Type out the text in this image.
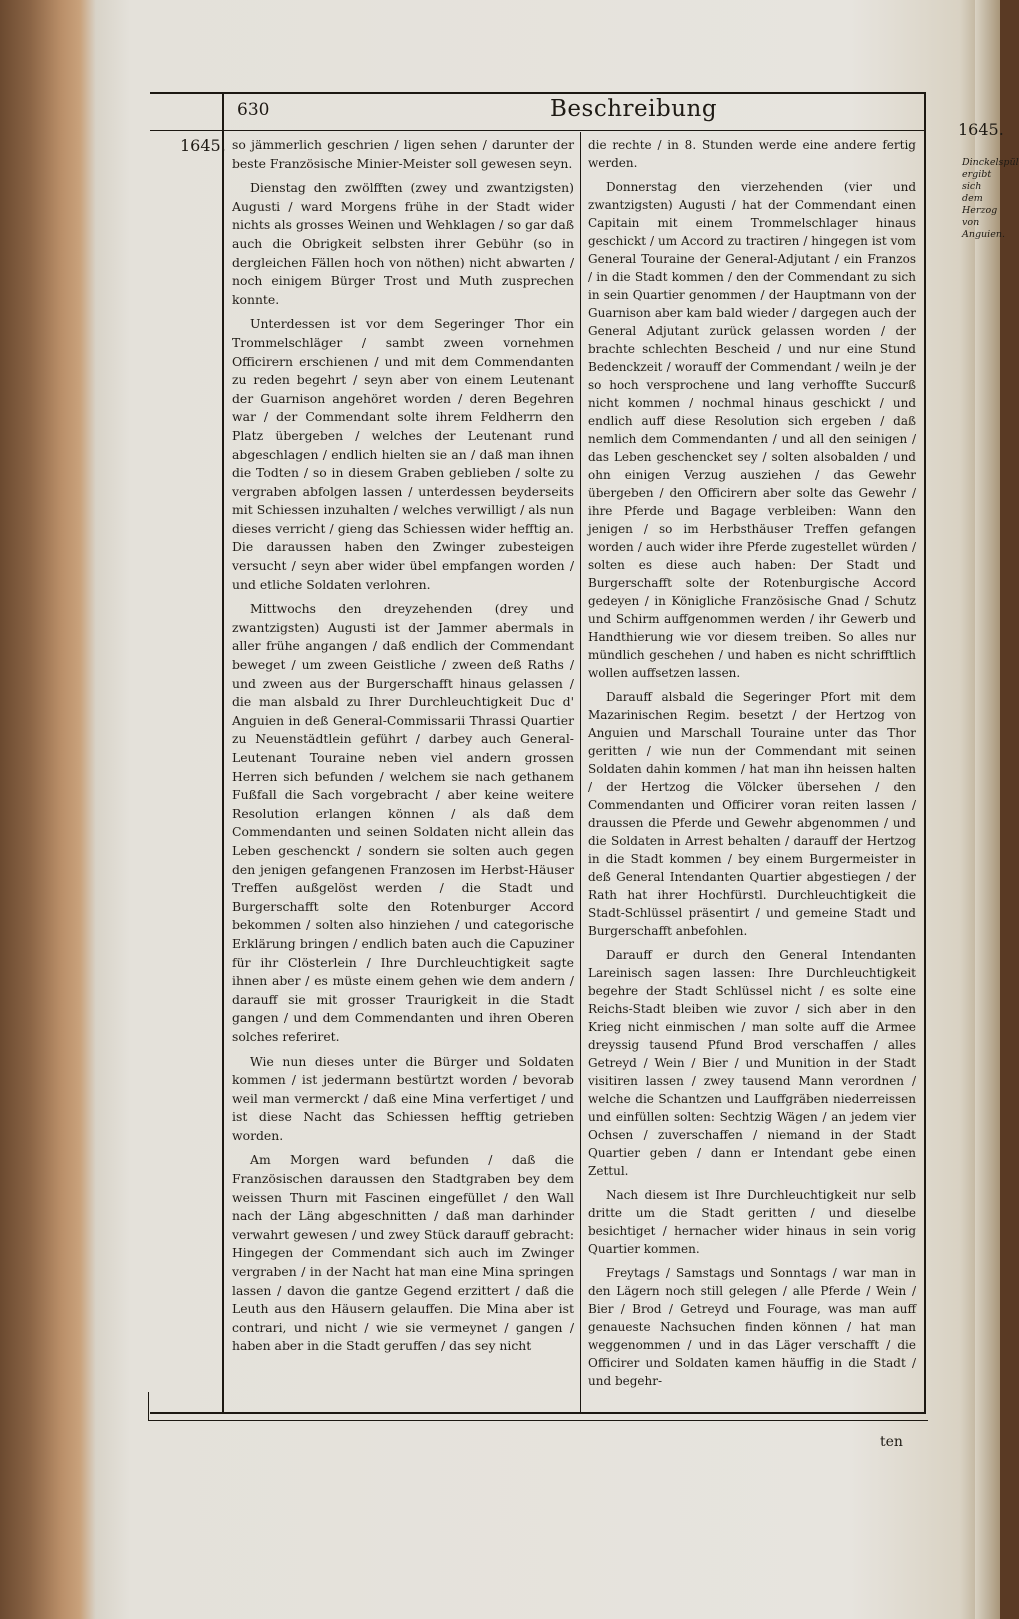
630	Beschreibung
1645.
1645.
Dinckelspül ergibt sich dem Herzog von Anguien.

so jämmerlich geschrien / ligen sehen / darunter der beste Französische Minier-Meister soll gewesen seyn.

Dienstag den zwölfften (zwey und zwantzigsten) Augusti / ward Morgens frühe in der Stadt wider nichts als grosses Weinen und Wehklagen / so gar daß auch die Obrigkeit selbsten ihrer Gebühr (so in dergleichen Fällen hoch von nöthen) nicht abwarten / noch einigem Bürger Trost und Muth zusprechen konnte.

Unterdessen ist vor dem Segeringer Thor ein Trommelschläger / sambt zween vornehmen Officirern erschienen / und mit dem Commendanten zu reden begehrt / seyn aber von einem Leutenant der Guarnison angehöret worden / deren Begehren war / der Commendant solte ihrem Feldherrn den Platz übergeben / welches der Leutenant rund abgeschlagen / endlich hielten sie an / daß man ihnen die Todten / so in diesem Graben geblieben / solte zu vergraben abfolgen lassen / unterdessen beyderseits mit Schiessen inzuhalten / welches verwilligt / als nun dieses verricht / gieng das Schiessen wider hefftig an. Die daraussen haben den Zwinger zubesteigen versucht / seyn aber wider übel empfangen worden / und etliche Soldaten verlohren.

Mittwochs den dreyzehenden (drey und zwantzigsten) Augusti ist der Jammer abermals in aller frühe angangen / daß endlich der Commendant beweget / um zween Geistliche / zween deß Raths / und zween aus der Burgerschafft hinaus gelassen / die man alsbald zu Ihrer Durchleuchtigkeit Duc d' Anguien in deß General-Commissarii Thrassi Quartier zu Neuenstädtlein geführt / darbey auch General-Leutenant Touraine neben viel andern grossen Herren sich befunden / welchem sie nach gethanem Fußfall die Sach vorgebracht / aber keine weitere Resolution erlangen können / als daß dem Commendanten und seinen Soldaten nicht allein das Leben geschenckt / sondern sie solten auch gegen den jenigen gefangenen Franzosen im Herbst-Häuser Treffen außgelöst werden / die Stadt und Burgerschafft solte den Rotenburger Accord bekommen / solten also hinziehen / und categorische Erklärung bringen / endlich baten auch die Capuziner für ihr Clösterlein / Ihre Durchleuchtigkeit sagte ihnen aber / es müste einem gehen wie dem andern / darauff sie mit grosser Traurigkeit in die Stadt gangen / und dem Commendanten und ihren Oberen solches referiret.

Wie nun dieses unter die Bürger und Soldaten kommen / ist jedermann bestürtzt worden / bevorab weil man vermerckt / daß eine Mina verfertiget / und ist diese Nacht das Schiessen hefftig getrieben worden.

Am Morgen ward befunden / daß die Französischen daraussen den Stadtgraben bey dem weissen Thurn mit Fascinen eingefüllet / den Wall nach der Läng abgeschnitten / daß man darhinder verwahrt gewesen / und zwey Stück darauff gebracht: Hingegen der Commendant sich auch im Zwinger vergraben / in der Nacht hat man eine Mina springen lassen / davon die gantze Gegend erzittert / daß die Leuth aus den Häusern gelauffen. Die Mina aber ist contrari, und nicht / wie sie vermeynet / gangen / haben aber in die Stadt geruffen / das sey nicht

die rechte / in 8. Stunden werde eine andere fertig werden.

Donnerstag den vierzehenden (vier und zwantzigsten) Augusti / hat der Commendant einen Capitain mit einem Trommelschlager hinaus geschickt / um Accord zu tractiren / hingegen ist vom General Touraine der General-Adjutant / ein Franzos / in die Stadt kommen / den der Commendant zu sich in sein Quartier genommen / der Hauptmann von der Guarnison aber kam bald wieder / dargegen auch der General Adjutant zurück gelassen worden / der brachte schlechten Bescheid / und nur eine Stund Bedenckzeit / worauff der Commendant / weiln je der so hoch versprochene und lang verhoffte Succurß nicht kommen / nochmal hinaus geschickt / und endlich auff diese Resolution sich ergeben / daß nemlich dem Commendanten / und all den seinigen / das Leben geschencket sey / solten alsobalden / und ohn einigen Verzug ausziehen / das Gewehr übergeben / den Officirern aber solte das Gewehr / ihre Pferde und Bagage verbleiben: Wann den jenigen / so im Herbsthäuser Treffen gefangen worden / auch wider ihre Pferde zugestellet würden / solten es diese auch haben: Der Stadt und Burgerschafft solte der Rotenburgische Accord gedeyen / in Königliche Französische Gnad / Schutz und Schirm auffgenommen werden / ihr Gewerb und Handthierung wie vor diesem treiben. So alles nur mündlich geschehen / und haben es nicht schrifftlich wollen auffsetzen lassen.

Darauff alsbald die Segeringer Pfort mit dem Mazarinischen Regim. besetzt / der Hertzog von Anguien und Marschall Touraine unter das Thor geritten / wie nun der Commendant mit seinen Soldaten dahin kommen / hat man ihn heissen halten / der Hertzog die Völcker übersehen / den Commendanten und Officirer voran reiten lassen / draussen die Pferde und Gewehr abgenommen / und die Soldaten in Arrest behalten / darauff der Hertzog in die Stadt kommen / bey einem Burgermeister in deß General Intendanten Quartier abgestiegen / der Rath hat ihrer Hochfürstl. Durchleuchtigkeit die Stadt-Schlüssel präsentirt / und gemeine Stadt und Burgerschafft anbefohlen.

Darauff er durch den General Intendanten Lareinisch sagen lassen: Ihre Durchleuchtigkeit begehre der Stadt Schlüssel nicht / es solte eine Reichs-Stadt bleiben wie zuvor / sich aber in den Krieg nicht einmischen / man solte auff die Armee dreyssig tausend Pfund Brod verschaffen / alles Getreyd / Wein / Bier / und Munition in der Stadt visitiren lassen / zwey tausend Mann verordnen / welche die Schantzen und Lauffgräben niederreissen und einfüllen solten: Sechtzig Wägen / an jedem vier Ochsen / zuverschaffen / niemand in der Stadt Quartier geben / dann er Intendant gebe einen Zettul.

Nach diesem ist Ihre Durchleuchtigkeit nur selb dritte um die Stadt geritten / und dieselbe besichtiget / hernacher wider hinaus in sein vorig Quartier kommen.

Freytags / Samstags und Sonntags / war man in den Lägern noch still gelegen / alle Pferde / Wein / Bier / Brod / Getreyd und Fourage, was man auff genaueste Nachsuchen finden können / hat man weggenommen / und in das Läger verschafft / die Officirer und Soldaten kamen häuffig in die Stadt / und begehr-

ten
